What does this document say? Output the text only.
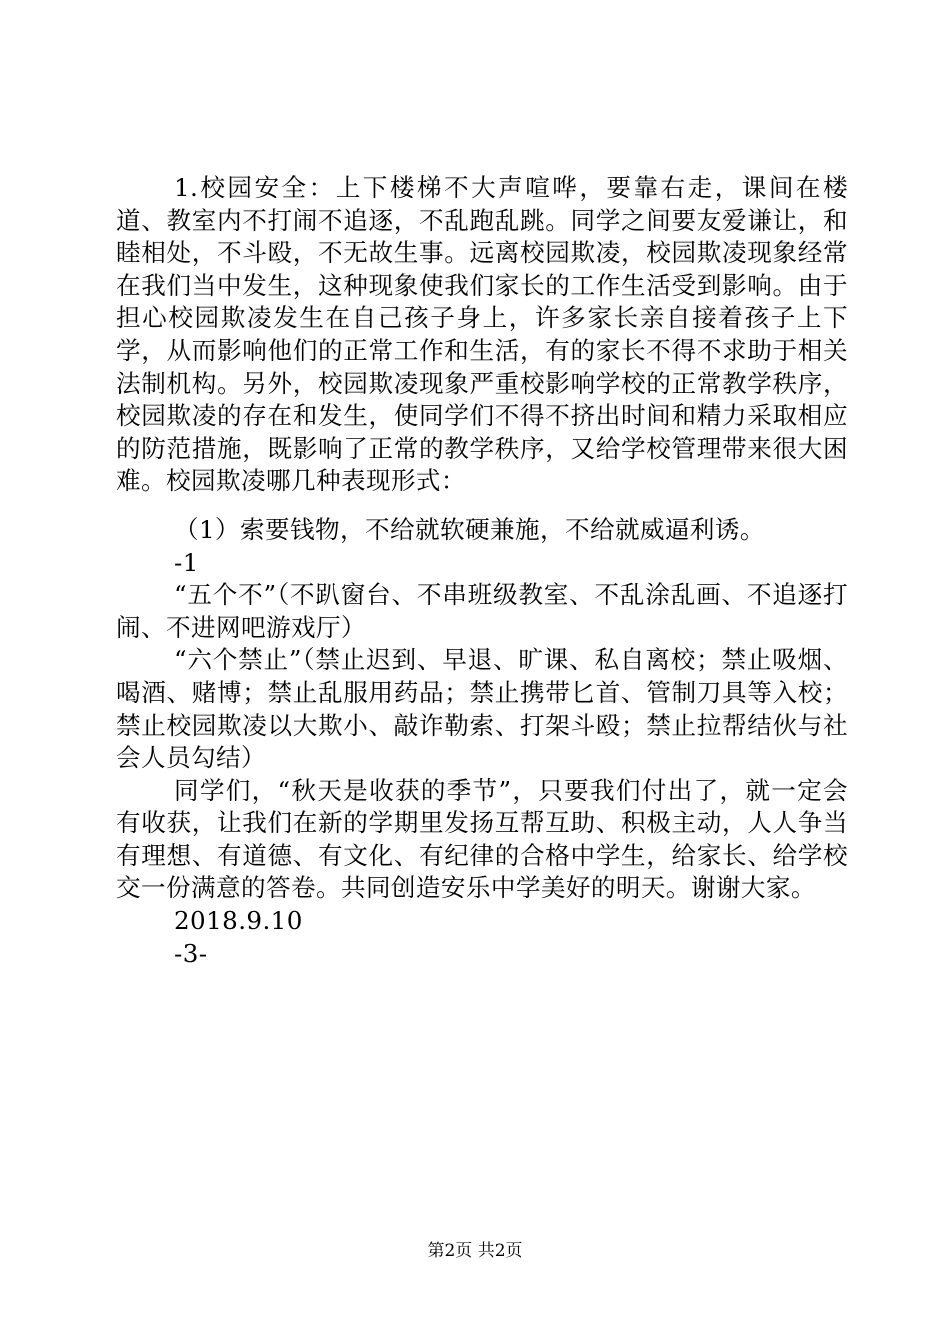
1.校园安全：上下楼梯不大声喧哗，要靠右走，课间在楼道、教室内不打闹不追逐，不乱跑乱跳。同学之间要友爱谦让，和睦相处，不斗殴，不无故生事。远离校园欺凌，校园欺凌现象经常在我们当中发生，这种现象使我们家长的工作生活受到影响。由于担心校园欺凌发生在自己孩子身上，许多家长亲自接着孩子上下学，从而影响他们的正常工作和生活，有的家长不得不求助于相关法制机构。另外，校园欺凌现象严重校影响学校的正常教学秩序，校园欺凌的存在和发生，使同学们不得不挤出时间和精力采取相应的防范措施，既影响了正常的教学秩序，又给学校管理带来很大困难。校园欺凌哪几种表现形式：

（1）索要钱物，不给就软硬兼施，不给就威逼利诱。

-1

“五个不”（不趴窗台、不串班级教室、不乱涂乱画、不追逐打闹、不进网吧游戏厅）

“六个禁止”（禁止迟到、早退、旷课、私自离校；禁止吸烟、喝酒、赌博；禁止乱服用药品；禁止携带匕首、管制刀具等入校；禁止校园欺凌以大欺小、敲诈勒索、打架斗殴；禁止拉帮结伙与社会人员勾结）

同学们，“秋天是收获的季节”，只要我们付出了，就一定会有收获，让我们在新的学期里发扬互帮互助、积极主动，人人争当有理想、有道德、有文化、有纪律的合格中学生，给家长、给学校交一份满意的答卷。共同创造安乐中学美好的明天。谢谢大家。

2018.9.10

-3-

第2页 共2页
